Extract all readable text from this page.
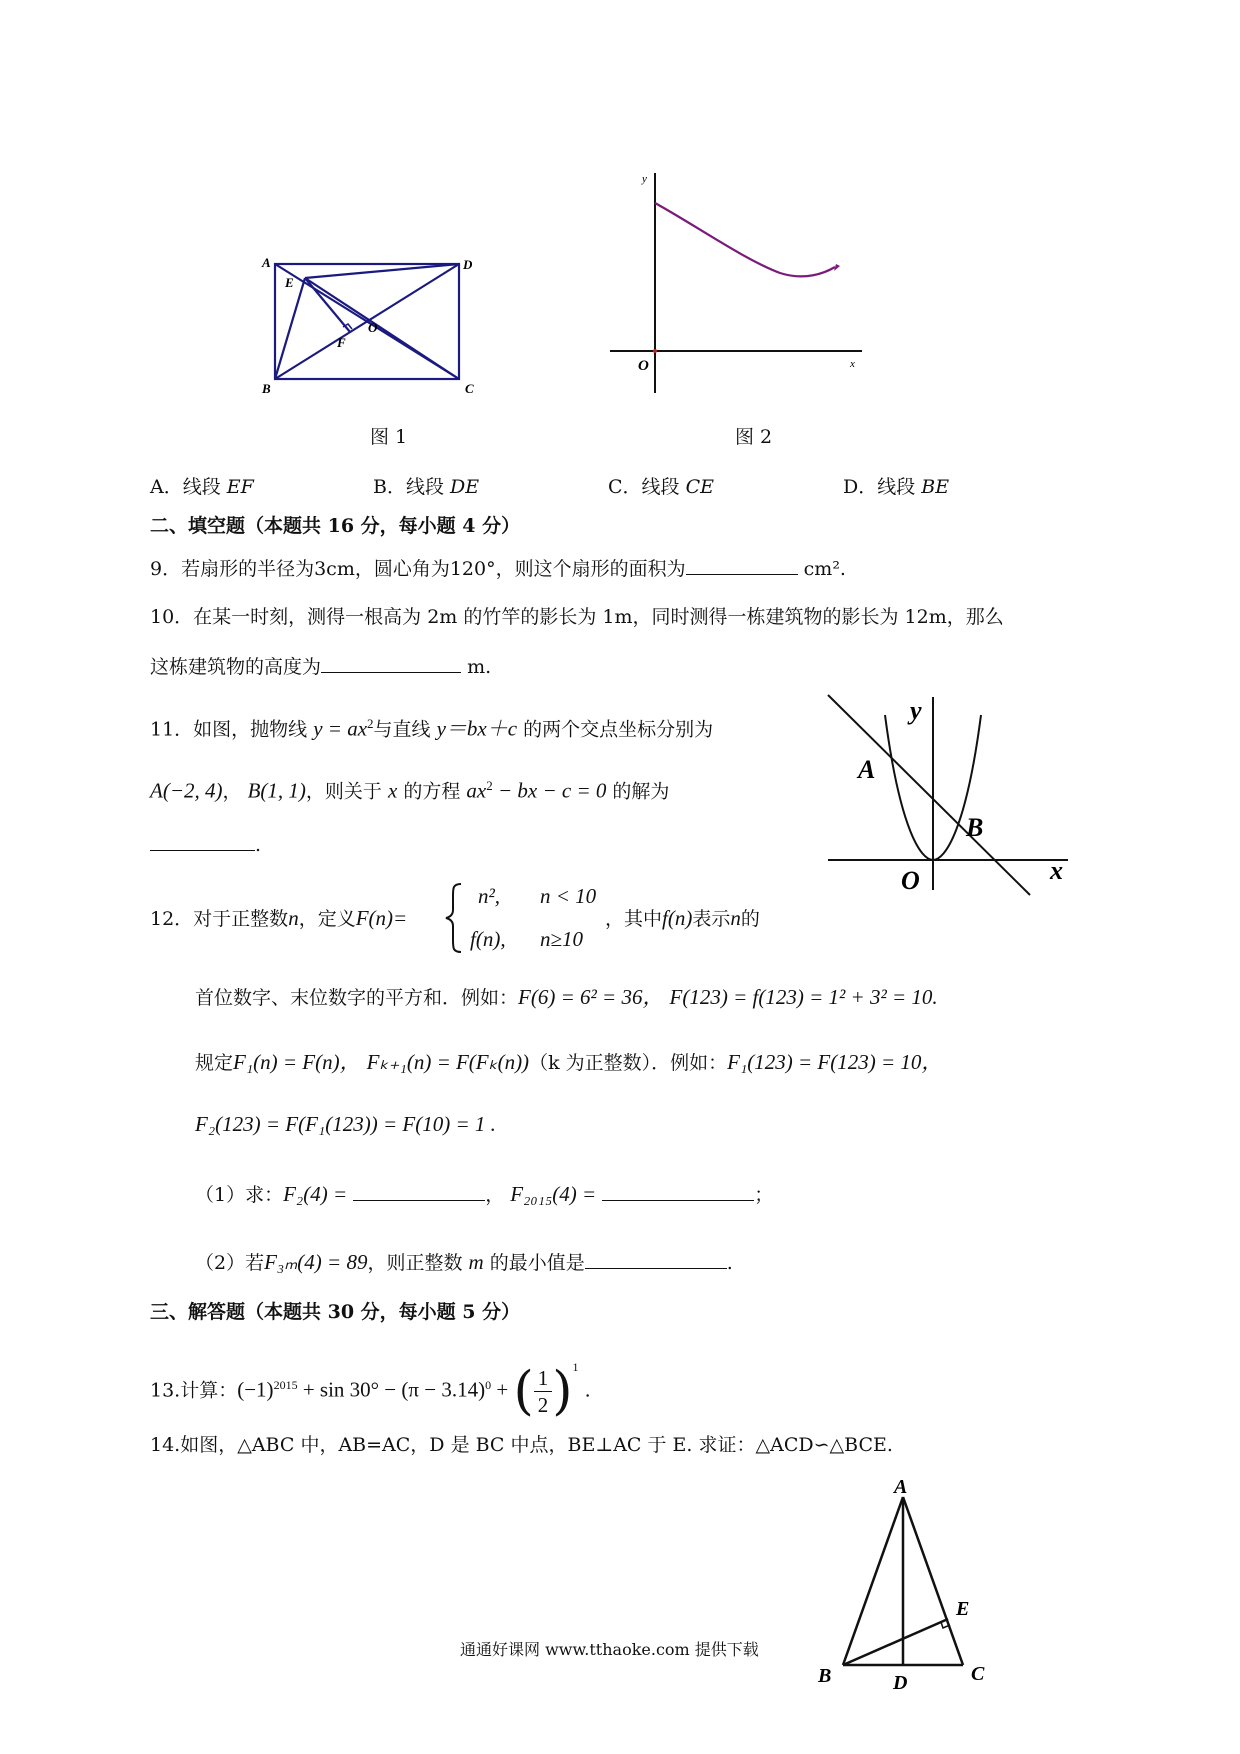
A	D
E
O
F
B	C
图 1
y
x
O
图 2
A．线段 EF	B．线段 DE	C．线段 CE	D．线段 BE
二、填空题（本题共 16 分，每小题 4 分）
9．若扇形的半径为3cm，圆心角为120°，则这个扇形的面积为	cm².
10．在某一时刻，测得一根高为 2m 的竹竿的影长为 1m，同时测得一栋建筑物的影长为 12m，那么
这栋建筑物的高度为	m.
11．如图，抛物线 $y = ax^2$与直线 y＝bx＋c 的两个交点坐标分别为
A(−2, 4)， B(1, 1)，则关于 x 的方程 $ax^2$ − bx − c = 0 的解为
.
y
A
B
O	x
12．对于正整数n，定义F(n)=
n², n < 10
f(n), n≥10
，其中f(n)表示n的
首位数字、末位数字的平方和．例如：F(6) = 6² = 36， F(123) = f(123) = 1² + 3² = 10.
规定F₁(n) = F(n)， Fₖ₊₁(n) = F(Fₖ(n))（k 为正整数）．例如：F₁(123) = F(123) = 10，
F₂(123) = F(F₁(123)) = F(10) = 1 .
（1）求：F₂(4) =	， F₂₀₁₅(4) =	；
（2）若F₃ₘ(4) = 89，则正整数 m 的最小值是	.
三、解答题（本题共 30 分，每小题 5 分）
13.计算：$(-1)^{2015} + \sin 30^\circ - (\pi - 3.14)^0$ + ( $\frac{1}{2} )^1$ .
14.如图，△ABC 中，AB=AC，D 是 BC 中点，BE⊥AC 于 E. 求证：△ACD∽△BCE.
A
E
B	D	C
通通好课网 www.tthaoke.com 提供下载
